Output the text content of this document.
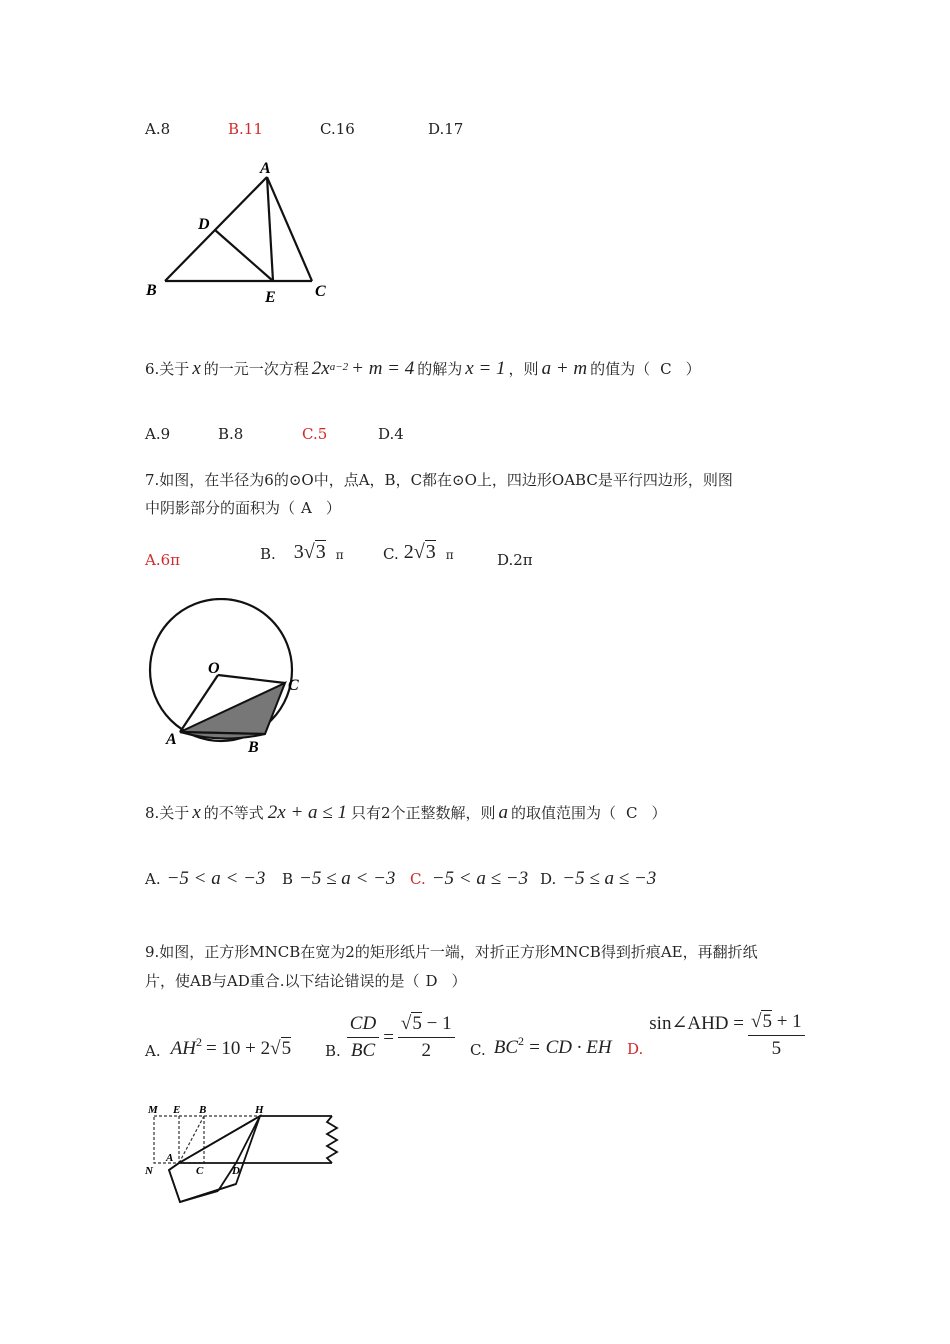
A.8	B.11	C.16	D.17
A
D
B	E C
6.关于 x 的一元一次方程 $2x^{a-2} + m = 4$ 的解为 x = 1 ，则 a + m 的值为（ C ）
A.9	B.8	C.5	D.4
7.如图，在半径为6的⊙O中，点A，B，C都在⊙O上，四边形OABC是平行四边形，则图
中阴影部分的面积为（ A ）
A.6π	B. 3 √ 3 π	C. 2 √ 3 π	D.2π
O
C
A	B
8.关于 x 的不等式 2x + a ≤ 1 只有2个正整数解，则 a 的取值范围为（ C ）
A. −5 < a < −3 B −5 ≤ a < −3 C. −5 < a ≤ −3 D. −5 ≤ a ≤ −3
9.如图，正方形MNCB在宽为2的矩形纸片一端，对折正方形MNCB得到折痕AE，再翻折纸
片，使AB与AD重合.以下结论错误的是（ D ）
A. $AH^2 = 10 + 2$ √ 5 B. $\frac{CD}{BC} = \frac{√5 - 1}{2} C$. $BC^2$ = CD · EH D.
sin∠AHD = $\frac{√5 + 1}{5}$
M E B	H
N
A
C	D
